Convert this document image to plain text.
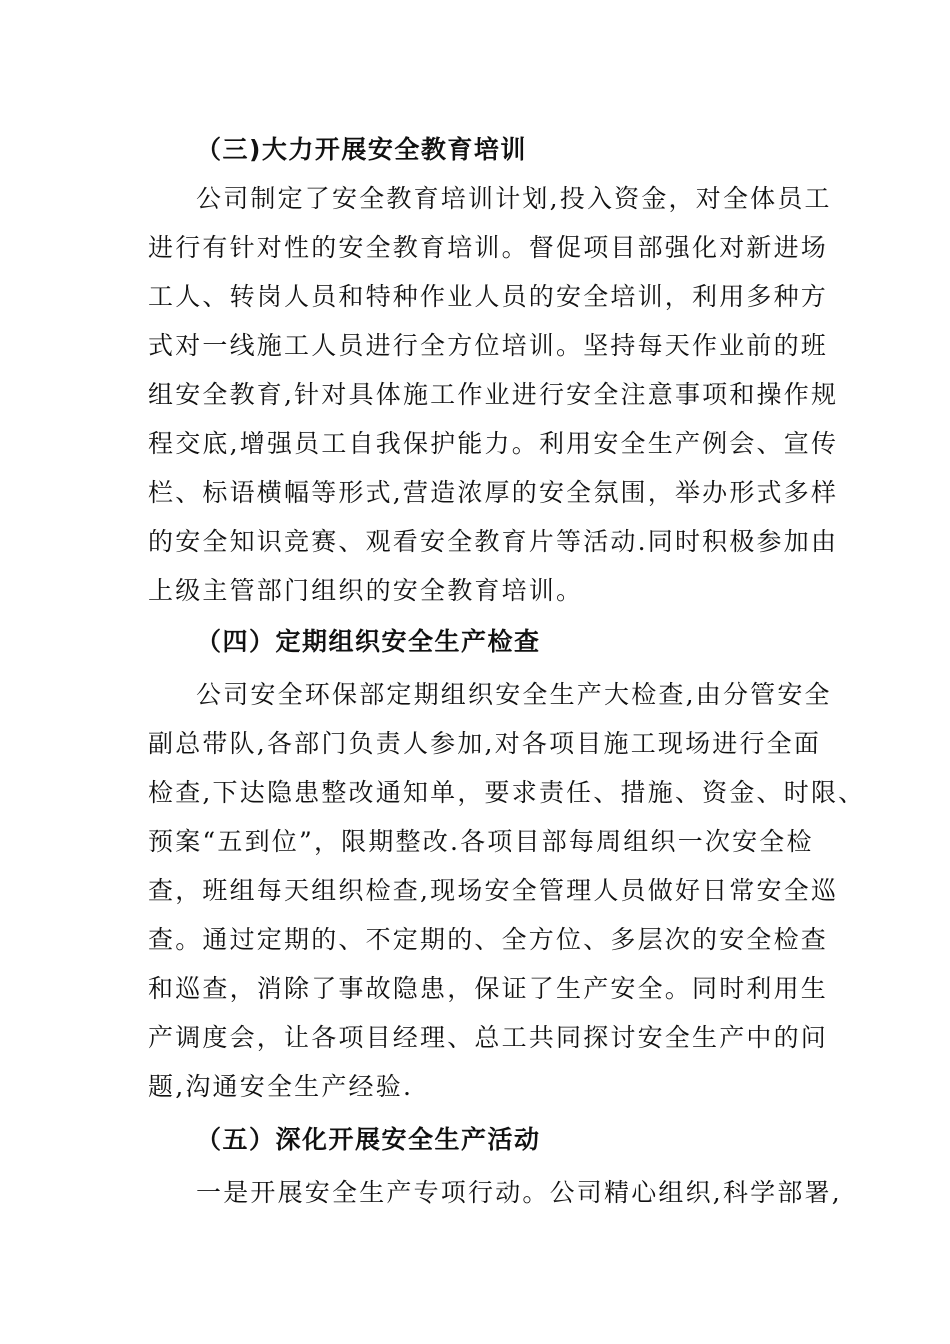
（三)大力开展安全教育培训
公司制定了安全教育培训计划,投入资金，对全体员工
进行有针对性的安全教育培训。督促项目部强化对新进场
工人、转岗人员和特种作业人员的安全培训，利用多种方
式对一线施工人员进行全方位培训。坚持每天作业前的班
组安全教育,针对具体施工作业进行安全注意事项和操作规
程交底,增强员工自我保护能力。利用安全生产例会、宣传
栏、标语横幅等形式,营造浓厚的安全氛围，举办形式多样
的安全知识竞赛、观看安全教育片等活动.同时积极参加由
上级主管部门组织的安全教育培训。
（四）定期组织安全生产检查
公司安全环保部定期组织安全生产大检查,由分管安全
副总带队,各部门负责人参加,对各项目施工现场进行全面
检查,下达隐患整改通知单，要求责任、措施、资金、时限、
预案“五到位”，限期整改.各项目部每周组织一次安全检
查，班组每天组织检查,现场安全管理人员做好日常安全巡
查。通过定期的、不定期的、全方位、多层次的安全检查
和巡查，消除了事故隐患，保证了生产安全。同时利用生
产调度会，让各项目经理、总工共同探讨安全生产中的问
题,沟通安全生产经验.
（五）深化开展安全生产活动
一是开展安全生产专项行动。公司精心组织,科学部署,
